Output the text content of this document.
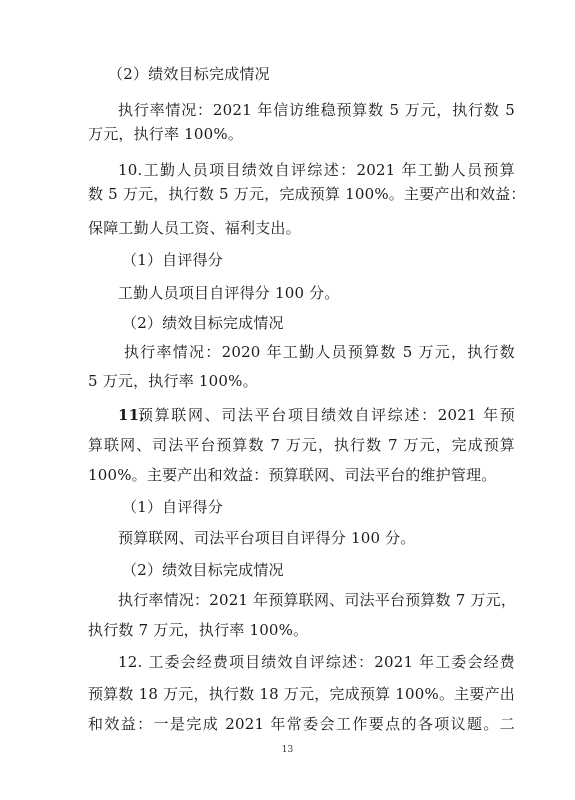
（2）绩效目标完成情况
执行率情况：2021 年信访维稳预算数 5 万元，执行数 5
万元，执行率 100%。
10.工勤人员项目绩效自评综述：2021 年工勤人员预算
数 5 万元，执行数 5 万元，完成预算 100%。主要产出和效益：
保障工勤人员工资、福利支出。
（1）自评得分
工勤人员项目自评得分 100 分。
（2）绩效目标完成情况
执行率情况：2020 年工勤人员预算数 5 万元，执行数
5 万元，执行率 100%。
11.
预算联网、司法平台项目绩效自评综述：2021 年预
算联网、司法平台预算数 7 万元，执行数 7 万元，完成预算
100%。主要产出和效益：预算联网、司法平台的维护管理。
（1）自评得分
预算联网、司法平台项目自评得分 100 分。
（2）绩效目标完成情况
执行率情况：2021 年预算联网、司法平台预算数 7 万元，
执行数 7 万元，执行率 100%。
12. 工委会经费项目绩效自评综述：2021 年工委会经费
预算数 18 万元，执行数 18 万元，完成预算 100%。主要产出
和效益：一是完成 2021 年常委会工作要点的各项议题。二
13
